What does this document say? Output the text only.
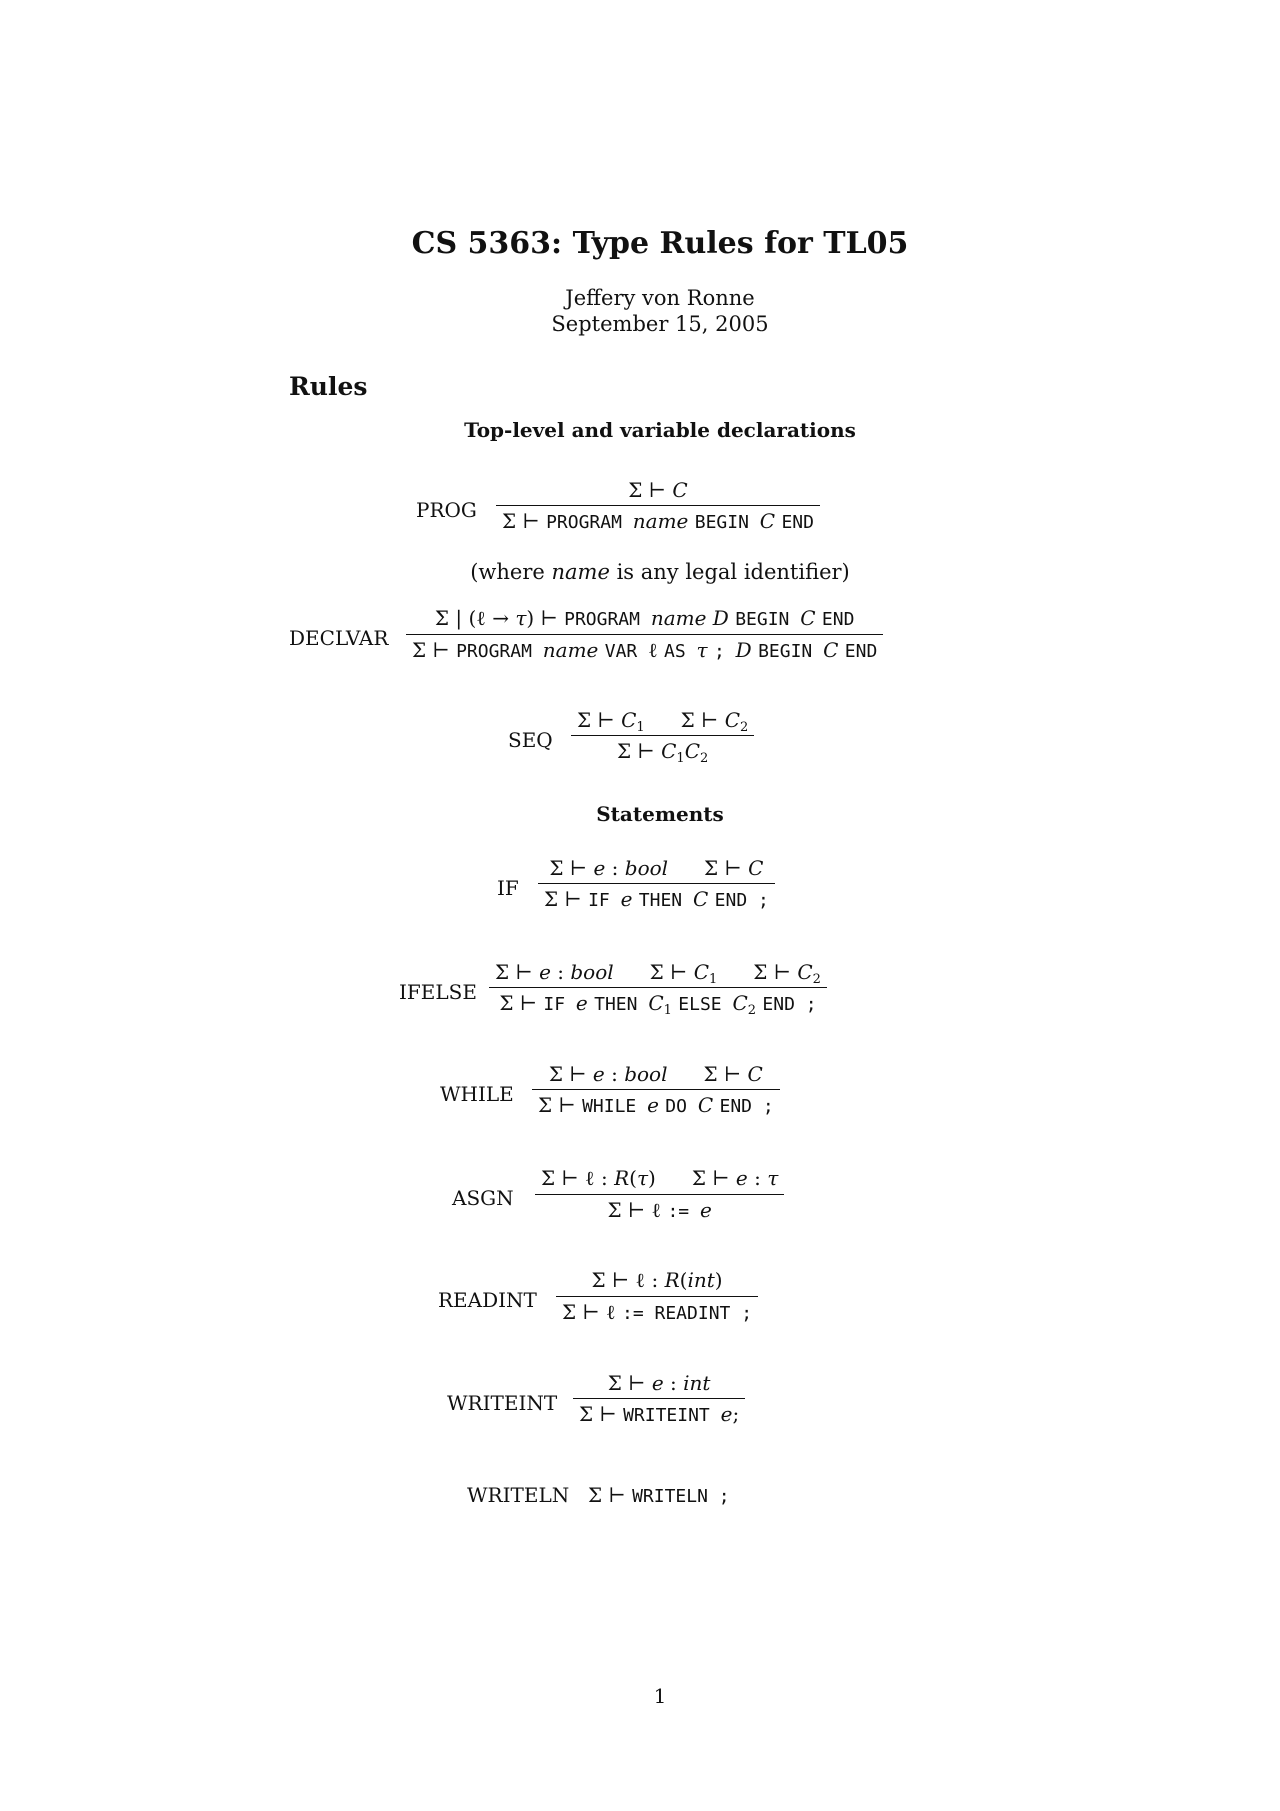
CS 5363: Type Rules for TL05
Jeffery von Ronne
September 15, 2005
Rules
Top-level and variable declarations
PROG
Σ ⊢ C
Σ ⊢ PROGRAM name BEGIN C END
(where name is any legal identifier)
DECLVAR
Σ | (ℓ → τ) ⊢ PROGRAM name D BEGIN C END
Σ ⊢ PROGRAM name VAR ℓ AS τ ; D BEGIN C END
SEQ
Σ ⊢ $C_1$ Σ ⊢ $C_2$
Σ ⊢ $C_1C_2$
Statements
IF
Σ ⊢ e : bool Σ ⊢ C
Σ ⊢ IF e THEN C END ;
IFELSE
Σ ⊢ e : bool Σ ⊢ $C_1$ Σ ⊢ $C_2$
Σ ⊢ IF e THEN $C_1$ ELSE $C_2$ END ;
WHILE
Σ ⊢ e : bool Σ ⊢ C
Σ ⊢ WHILE e DO C END ;
ASGN
Σ ⊢ ℓ : R(τ) Σ ⊢ e : τ
Σ ⊢ ℓ := e
READINT
Σ ⊢ ℓ : R(int)
Σ ⊢ ℓ := READINT ;
WRITEINT
Σ ⊢ e : int
Σ ⊢ WRITEINT e;
WRITELN Σ ⊢ WRITELN ;
1
